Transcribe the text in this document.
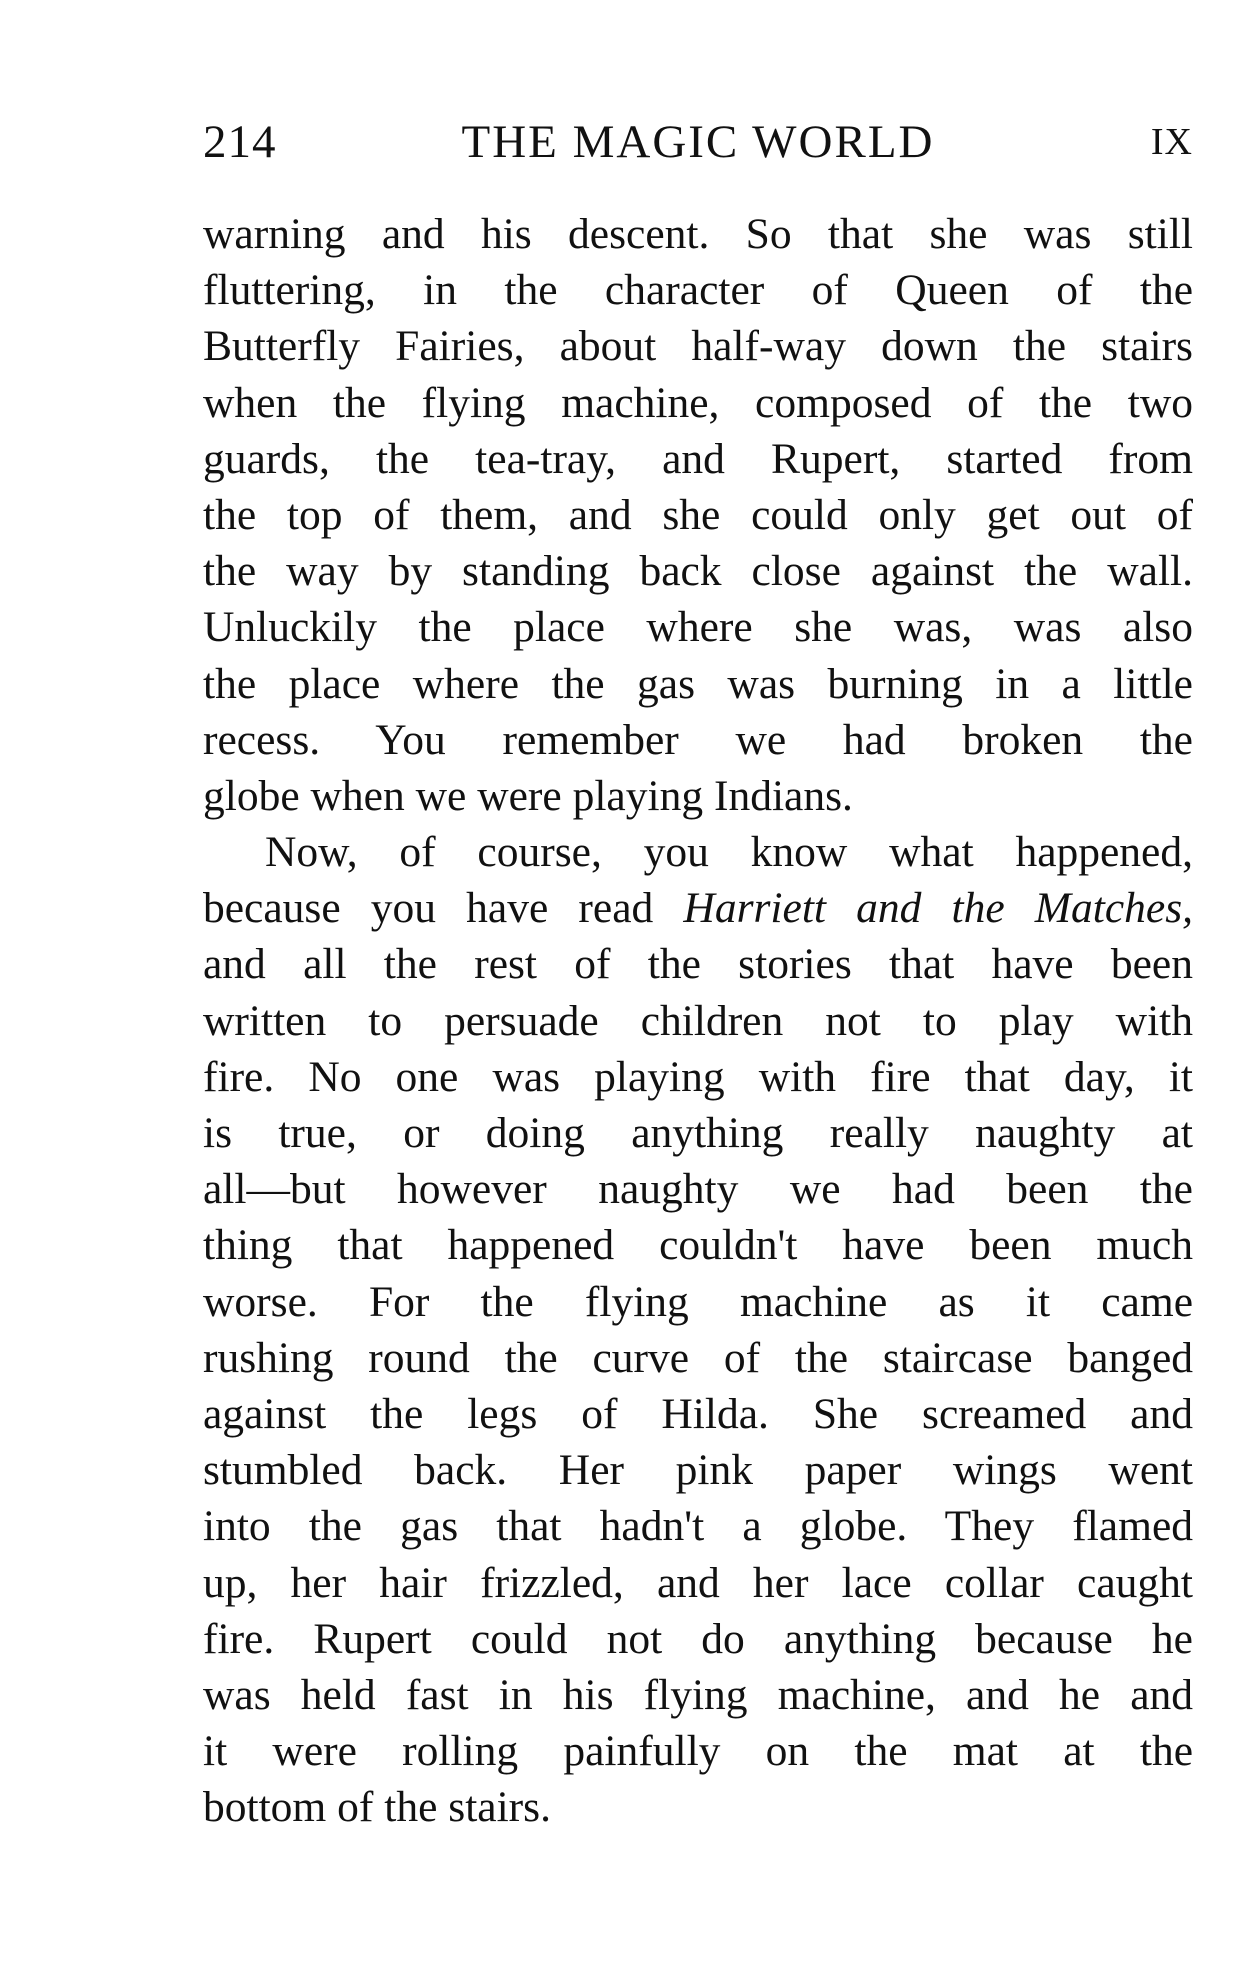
214	THE MAGIC WORLD	IX
warning and his descent. So that she was still
fluttering, in the character of Queen of the
Butterfly Fairies, about half-way down the stairs
when the flying machine, composed of the two
guards, the tea-tray, and Rupert, started from
the top of them, and she could only get out of
the way by standing back close against the wall.
Unluckily the place where she was, was also
the place where the gas was burning in a little
recess. You remember we had broken the
globe when we were playing Indians.
Now, of course, you know what happened,
because you have read Harriett and the Matches,
and all the rest of the stories that have been
written to persuade children not to play with
fire. No one was playing with fire that day, it
is true, or doing anything really naughty at
all—but however naughty we had been the
thing that happened couldn't have been much
worse. For the flying machine as it came
rushing round the curve of the staircase banged
against the legs of Hilda. She screamed and
stumbled back. Her pink paper wings went
into the gas that hadn't a globe. They flamed
up, her hair frizzled, and her lace collar caught
fire. Rupert could not do anything because he
was held fast in his flying machine, and he and
it were rolling painfully on the mat at the
bottom of the stairs.
